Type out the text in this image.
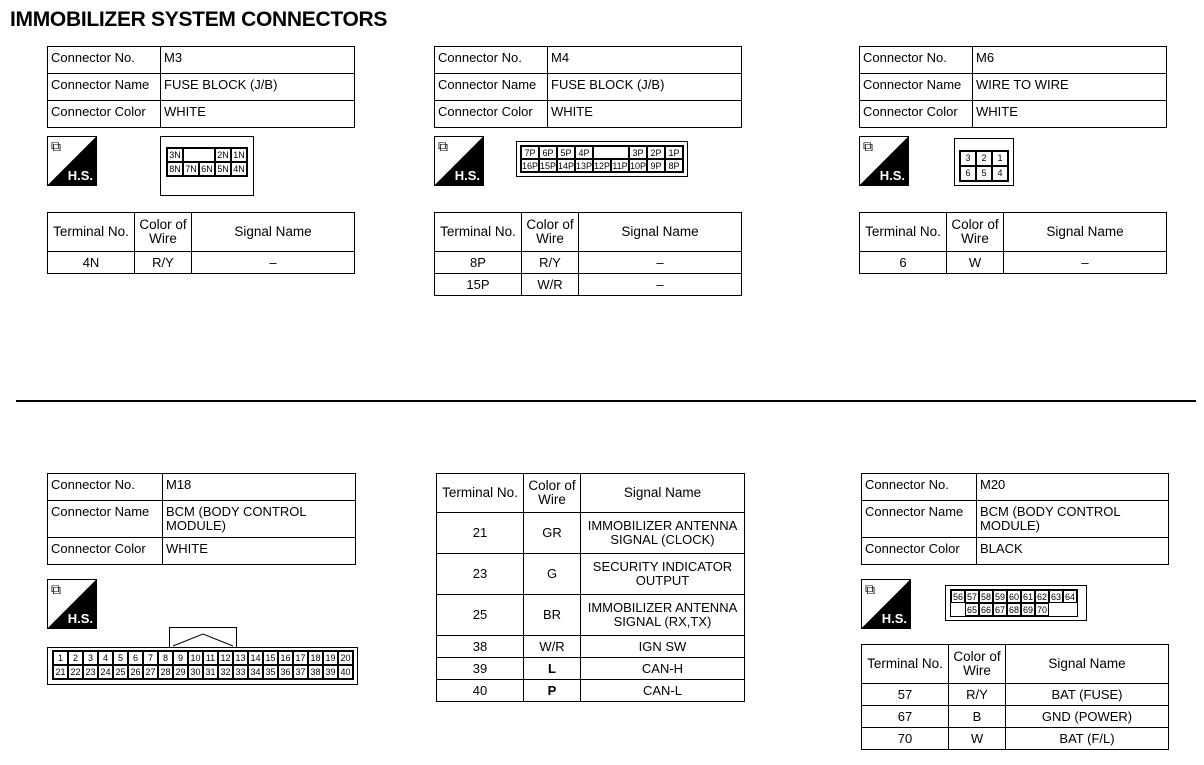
IMMOBILIZER SYSTEM CONNECTORS
Connector No.	M3
Connector Name	FUSE BLOCK (J/B)
Connector Color	WHITE
⧉
H.S.
3N	2N 1N
8N 7N 6N 5N 4N
Terminal No.	Color of Wire	Signal Name
4N	R/Y	–
Connector No.	M4
Connector Name	FUSE BLOCK (J/B)
Connector Color	WHITE
⧉
H.S.
7P 6P 5P 4P	3P 2P 1P
16P 15P 14P 13P 12P 11P 10P 9P 8P
Terminal No.	Color of Wire	Signal Name
8P	R/Y	–
15P	W/R	–
Connector No.	M6
Connector Name	WIRE TO WIRE
Connector Color	WHITE
⧉
H.S.
3	2	1
6	5	4
Terminal No.	Color of Wire	Signal Name
6	W	–
Connector No.	M18
Connector Name	BCM (BODY CONTROL MODULE)
Connector Color	WHITE
⧉
H.S.
1	2	3	4	5	6	7	8	9 10 11 12 13 14 15 16 17 18 19 20
21 22 23 24 25 26 27 28 29 30 31 32 33 34 35 36 37 38 39 40
Terminal No.	Color of Wire	Signal Name
21	GR	IMMOBILIZER ANTENNA SIGNAL (CLOCK)
23	G	SECURITY INDICATOR OUTPUT
25	BR	IMMOBILIZER ANTENNA SIGNAL (RX,TX)
38	W/R	IGN SW
39	L	CAN-H
40	P	CAN-L
Connector No.	M20
Connector Name	BCM (BODY CONTROL MODULE)
Connector Color	BLACK
⧉
H.S.
56 57 58 59 60 61 62 63 64
65 66 67 68 69 70
Terminal No.	Color of Wire	Signal Name
57	R/Y	BAT (FUSE)
67	B	GND (POWER)
70	W	BAT (F/L)
